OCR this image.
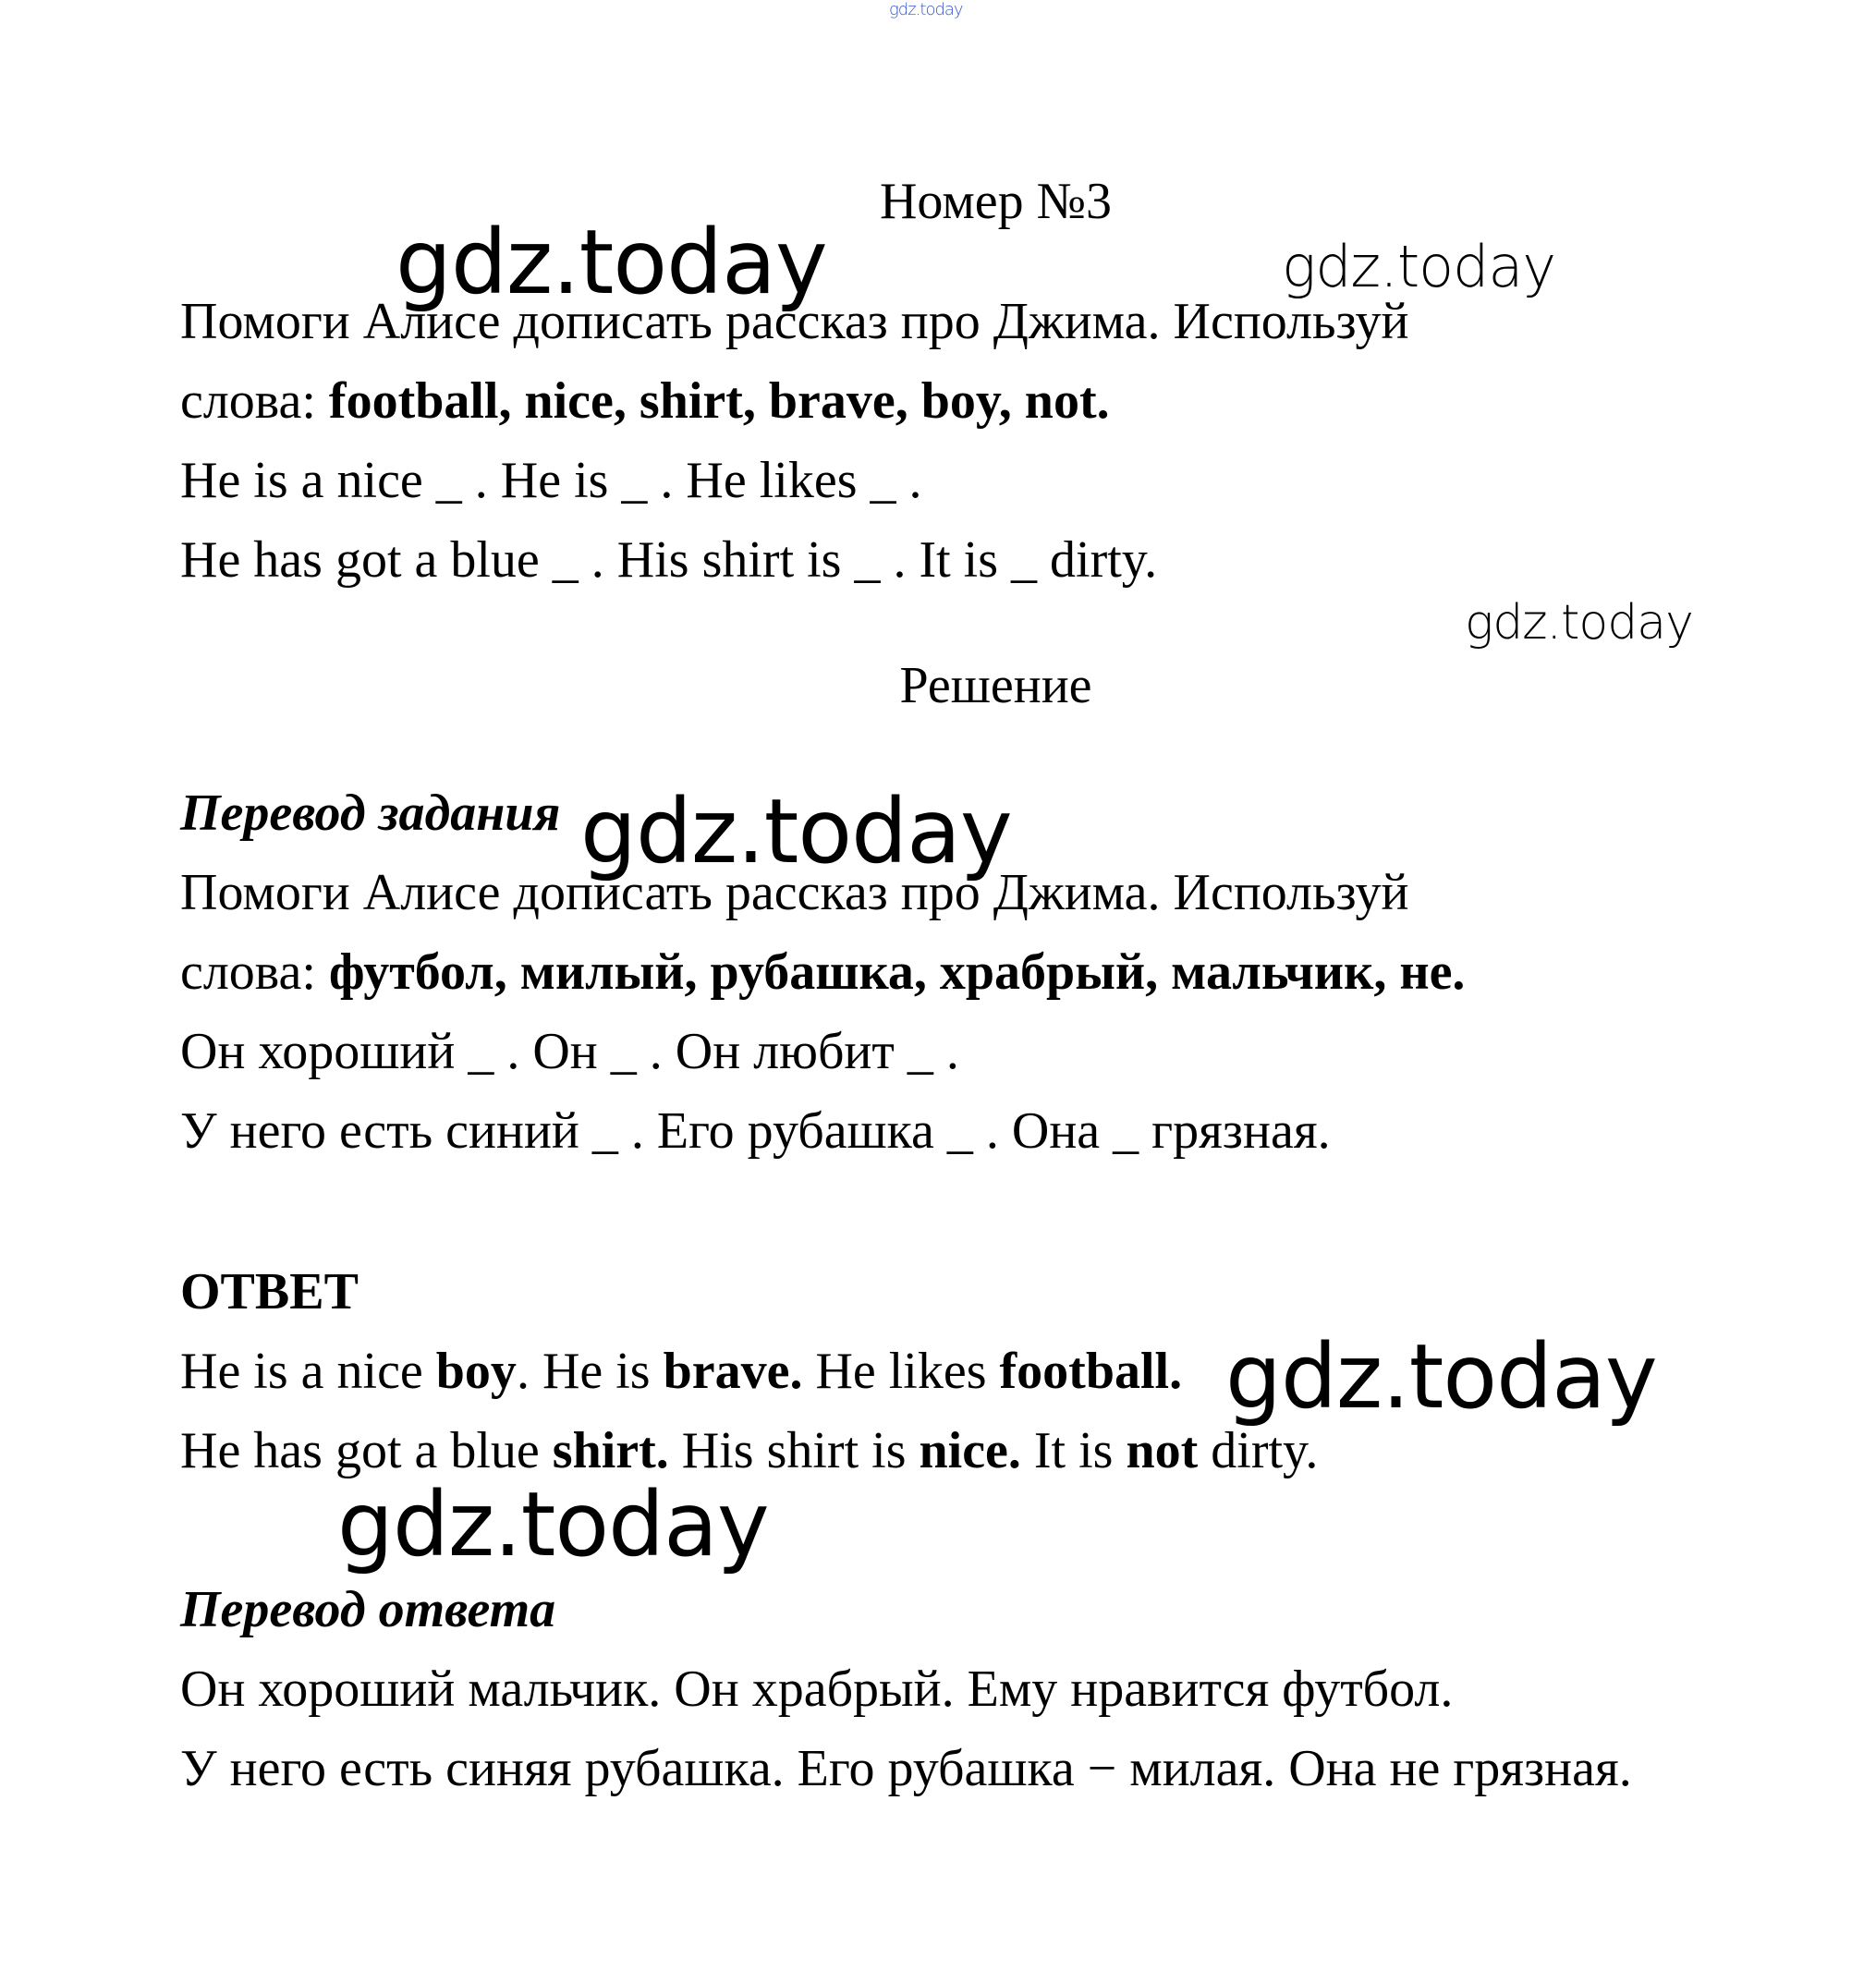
gdz.today
Номер №3
gdz.today	gdz.today
Помоги Алисе дописать рассказ про Джима. Используй
слова: football, nice, shirt, brave, boy, not.
He is a nice _ . He is _ . He likes _ .
He has got a blue _ . His shirt is _ . It is _ dirty.
gdz.today
Решение
Перевод задания gdz.today
Помоги Алисе дописать рассказ про Джима. Используй
слова: футбол, милый, рубашка, храбрый, мальчик, не.
Он хороший _ . Он _ . Он любит _ .
У него есть синий _ . Его рубашка _ . Она _ грязная.
ОТВЕТ
He is a nice boy. He is brave. He likes football. gdz.today
He has got a blue shirt. His shirt is nice. It is not dirty.
gdz.today
Перевод ответа
Он хороший мальчик. Он храбрый. Ему нравится футбол.
У него есть синяя рубашка. Его рубашка − милая. Она не грязная.
